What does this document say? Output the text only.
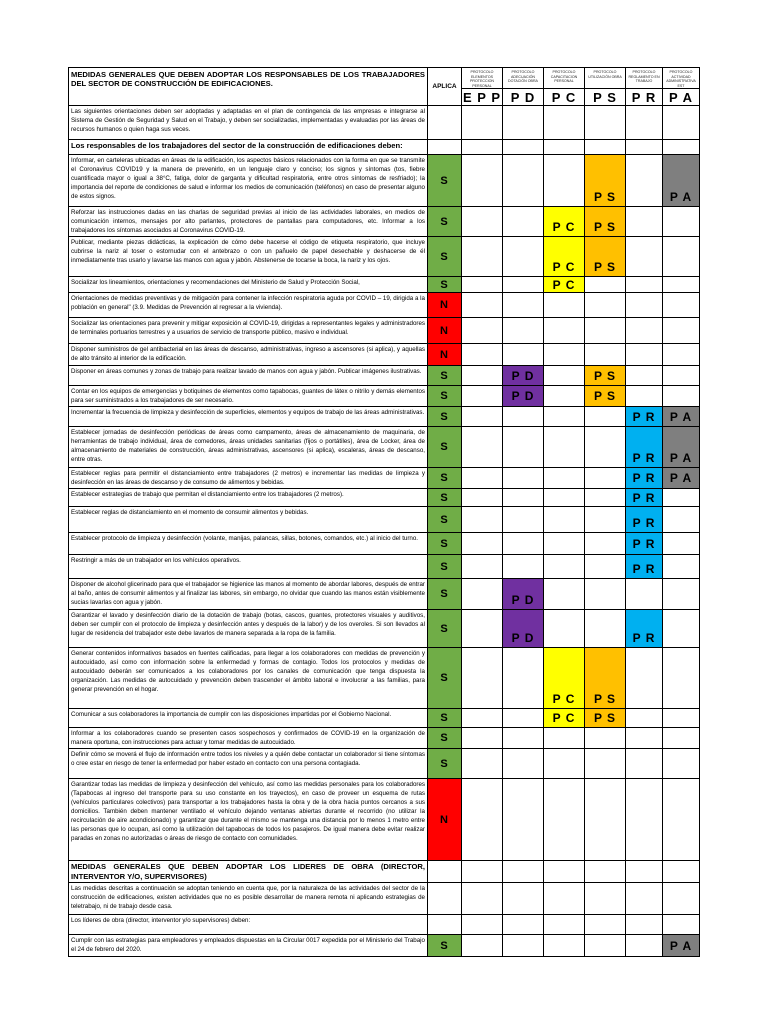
MEDIDAS GENERALES QUE DEBEN ADOPTAR LOS RESPONSABLES DE LOS TRABAJADORES DEL SECTOR DE CONSTRUCCIÓN DE EDIFICACIONES.	APLICA	PROTOCOLO ELEMENTOS PROTECCION PERSONAL	PROTOCOLO ADECUACIÓN DOTACIÓN OBRA	PROTOCOLO CAPACITACION PERSONAL	PROTOCOLO UTILIZACIÓN OBRA	PROTOCOLO REGLAMENTO EN TRABAJO	PROTOCOLO ACTIVIDAD ADMINISTRATIVA EST
		E P P	P D	P C	P S	P R	P A
Las siguientes orientaciones deben ser adoptadas y adaptadas en el plan de contingencia de las empresas e integrarse al Sistema de Gestión de Seguridad y Salud en el Trabajo, y deben ser socializadas, implementadas y evaluadas por las áreas de recursos humanos o quien haga sus veces.							
Los responsables de los trabajadores del sector de la construcción de edificaciones deben:							
Informar, en carteleras ubicadas en áreas de la edificación, los aspectos básicos relacionados con la forma en que se transmite el Coronavirus COVID19 y la manera de prevenirlo, en un lenguaje claro y conciso; los signos y síntomas (tos, fiebre cuantificada mayor o igual a 38°C, fatiga, dolor de garganta y dificultad respiratoria, entre otros síntomas de resfriado); la importancia del reporte de condiciones de salud e informar los medios de comunicación (teléfonos) en caso de presentar alguno de estos signos.	S				P S		P A
Reforzar las instrucciones dadas en las charlas de seguridad previas al inicio de las actividades laborales, en medios de comunicación internos, mensajes por alto parlantes, protectores de pantallas para computadores, etc. Informar a los trabajadores los síntomas asociados al Coronavirus COVID-19.	S			P C	P S		
Publicar, mediante piezas didácticas, la explicación de cómo debe hacerse el código de etiqueta respiratorio, que incluye cubrirse la nariz al toser o estornudar con el antebrazo o con un pañuelo de papel desechable y deshacerse de él inmediatamente tras usarlo y lavarse las manos con agua y jabón. Abstenerse de tocarse la boca, la nariz y los ojos.	S			P C	P S		
Socializar los lineamientos, orientaciones y recomendaciones del Ministerio de Salud y Protección Social,	S			P C			
Orientaciones de medidas preventivas y de mitigación para contener la infección respiratoria aguda por COVID – 19, dirigida a la población en general" (3.9. Medidas de Prevención al regresar a la vivienda).	N						
Socializar las orientaciones para prevenir y mitigar exposición al COVID-19, dirigidas a representantes legales y administradores de terminales portuarios terrestres y a usuarios de servicio de transporte público, masivo e individual.	N						
Disponer suministros de gel antibacterial en las áreas de descanso, administrativas, ingreso a ascensores (si aplica), y aquellas de alto tránsito al interior de la edificación.	N						
Disponer en áreas comunes y zonas de trabajo para realizar lavado de manos con agua y jabón. Publicar imágenes ilustrativas.	S		P D		P S		
Contar en los equipos de emergencias y botiquines de elementos como tapabocas, guantes de látex o nitrilo y demás elementos para ser suministrados a los trabajadores de ser necesario.	S		P D		P S		
Incrementar la frecuencia de limpieza y desinfección de superficies, elementos y equipos de trabajo de las áreas administrativas.	S					P R	P A
Establecer jornadas de desinfección periódicas de áreas como campamento, áreas de almacenamiento de maquinaria, de herramientas de trabajo individual, área de comedores, áreas unidades sanitarias (fijos o portátiles), área de Locker, área de almacenamiento de materiales de construcción, áreas administrativas, ascensores (si aplica), escaleras, áreas de descanso, entre otras.	S					P R	P A
Establecer reglas para permitir el distanciamiento entre trabajadores (2 metros) e incrementar las medidas de limpieza y desinfección en las áreas de descanso y de consumo de alimentos y bebidas.	S					P R	P A
Establecer estrategias de trabajo que permitan el distanciamiento entre los trabajadores (2 metros).	S					P R	
Establecer reglas de distanciamiento en el momento de consumir alimentos y bebidas.	S					P R	
Establecer protocolo de limpieza y desinfección (volante, manijas, palancas, sillas, botones, comandos, etc.) al inicio del turno.	S					P R	
Restringir a más de un trabajador en los vehículos operativos.	S					P R	
Disponer de alcohol glicerinado para que el trabajador se higienice las manos al momento de abordar labores, después de entrar al baño, antes de consumir alimentos y al finalizar las labores, sin embargo, no olvidar que cuando las manos están visiblemente sucias lavarlas con agua y jabón.	S		P D				
Garantizar el lavado y desinfección diario de la dotación de trabajo (botas, cascos, guantes, protectores visuales y auditivos, deben ser cumplir con el protocolo de limpieza y desinfección antes y después de la labor) y de los overoles. Si son llevados al lugar de residencia del trabajador este debe lavarlos de manera separada a la ropa de la familia.	S		P D			P R	
Generar contenidos informativos basados en fuentes calificadas, para llegar a los colaboradores con medidas de prevención y autocuidado, así como con información sobre la enfermedad y formas de contagio. Todos los protocolos y medidas de autocuidado deberán ser comunicados a los colaboradores por los canales de comunicación que tenga dispuesta la organización. Las medidas de autocuidado y prevención deben trascender el ámbito laboral e involucrar a las familias, para generar prevención en el hogar.	S			P C	P S		
Comunicar a sus colaboradores la importancia de cumplir con las disposiciones impartidas por el Gobierno Nacional.	S			P C	P S		
Informar a los colaboradores cuando se presenten casos sospechosos y confirmados de COVID-19 en la organización de manera oportuna, con instrucciones para actuar y tomar medidas de autocuidado.	S						
Definir cómo se moverá el flujo de información entre todos los niveles y a quién debe contactar un colaborador si tiene síntomas o cree estar en riesgo de tener la enfermedad por haber estado en contacto con una persona contagiada.	S						
Garantizar todas las medidas de limpieza y desinfección del vehículo, así como las medidas personales para los colaboradores (Tapabocas al ingreso del transporte para su uso constante en los trayectos), en caso de proveer un esquema de rutas (vehículos particulares colectivos) para transportar a los trabajadores hasta la obra y de la obra hacia puntos cercanos a sus domicilios. También deben mantener ventilado el vehículo dejando ventanas abiertas durante el recorrido (no utilizar la recirculación de aire acondicionado) y garantizar que durante el mismo se mantenga una distancia por lo menos 1 metro entre las personas que lo ocupan, así como la utilización del tapabocas de todos los pasajeros. De igual manera debe evitar realizar paradas en zonas no autorizadas o áreas de riesgo de contacto con comunidades.	N						
MEDIDAS GENERALES QUE DEBEN ADOPTAR LOS LIDERES DE OBRA (DIRECTOR, INTERVENTOR Y/O, SUPERVISORES)							
Las medidas descritas a continuación se adoptan teniendo en cuenta que, por la naturaleza de las actividades del sector de la construcción de edificaciones, existen actividades que no es posible desarrollar de manera remota ni aplicando estrategias de teletrabajo, ni de trabajo desde casa.							
Los líderes de obra (director, interventor y/o supervisores) deben:							
Cumplir con las estrategias para empleadores y empleados dispuestas en la Circular 0017 expedida por el Ministerio del Trabajo el 24 de febrero del 2020.	S						P A
